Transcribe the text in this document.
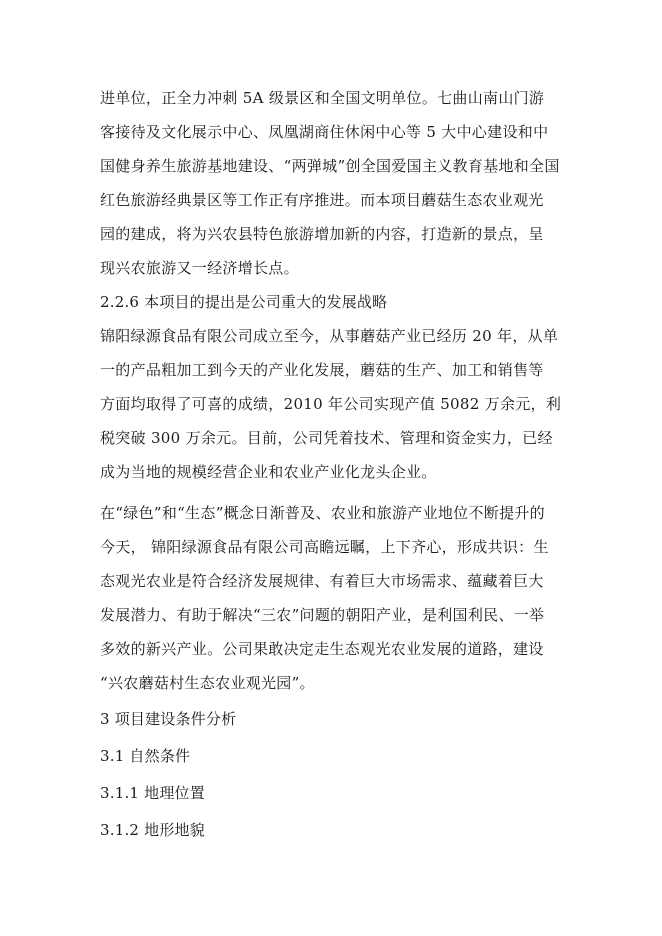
进单位，正全力冲刺 5A 级景区和全国文明单位。七曲山南山门游
客接待及文化展示中心、凤凰湖商住休闲中心等 5 大中心建设和中
国健身养生旅游基地建设、“两弹城”创全国爱国主义教育基地和全国
红色旅游经典景区等工作正有序推进。而本项目蘑菇生态农业观光
园的建成，将为兴农县特色旅游增加新的内容，打造新的景点，呈
现兴农旅游又一经济增长点。
2.2.6 本项目的提出是公司重大的发展战略
锦阳绿源食品有限公司成立至今，从事蘑菇产业已经历 20 年，从单
一的产品粗加工到今天的产业化发展，蘑菇的生产、加工和销售等
方面均取得了可喜的成绩，2010 年公司实现产值 5082 万余元，利
税突破 300 万余元。目前，公司凭着技术、管理和资金实力，已经
成为当地的规模经营企业和农业产业化龙头企业。
在“绿色”和“生态”概念日渐普及、农业和旅游产业地位不断提升的
今天， 锦阳绿源食品有限公司高瞻远瞩，上下齐心，形成共识：生
态观光农业是符合经济发展规律、有着巨大市场需求、蕴藏着巨大
发展潜力、有助于解决“三农”问题的朝阳产业，是利国利民、一举
多效的新兴产业。公司果敢决定走生态观光农业发展的道路，建设
“兴农蘑菇村生态农业观光园”。
3 项目建设条件分析
3.1 自然条件
3.1.1 地理位置
3.1.2 地形地貌
